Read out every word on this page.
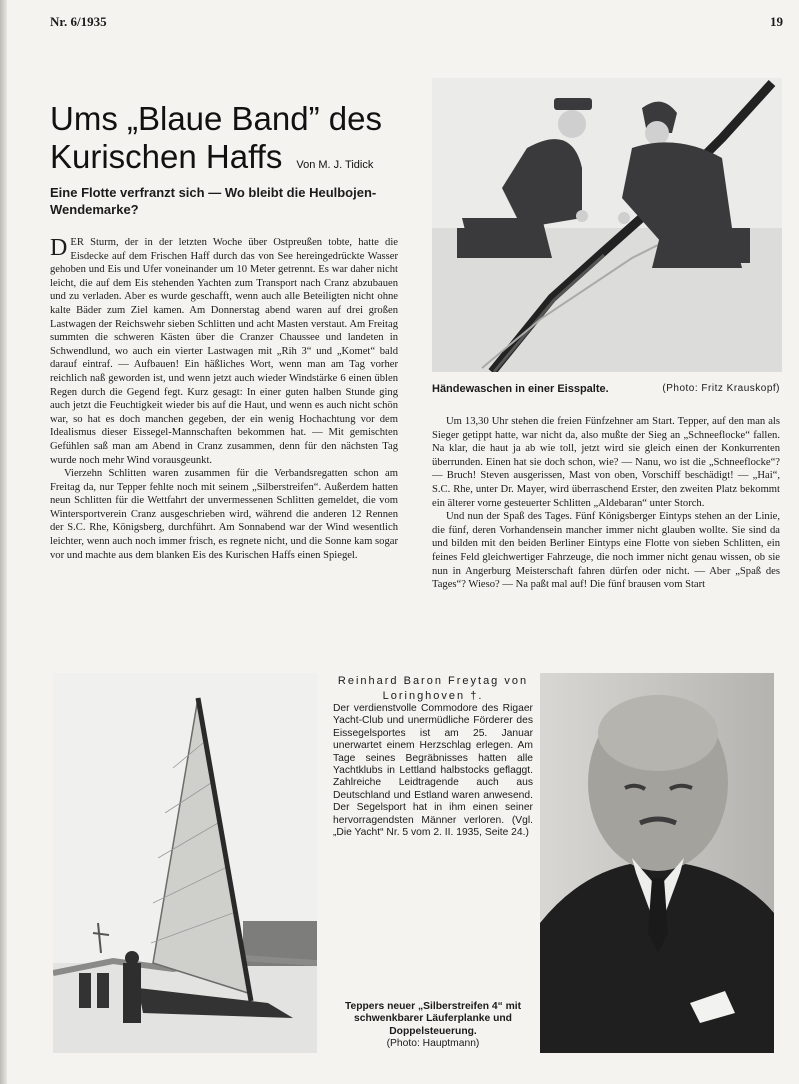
Nr. 6/1935	19
Ums „Blaue Band” des
Kurischen Haffs Von M. J. Tidick
Eine Flotte verfranzt sich — Wo bleibt die Heulbojen-Wendemarke?

DER Sturm, der in der letzten Woche über Ostpreußen tobte, hatte die Eisdecke auf dem Frischen Haff durch das von See hereingedrückte Wasser gehoben und Eis und Ufer voneinander um 10 Meter getrennt. Es war daher nicht leicht, die auf dem Eis stehenden Yachten zum Transport nach Cranz abzubauen und zu verladen. Aber es wurde geschafft, wenn auch alle Beteiligten nicht ohne kalte Bäder zum Ziel kamen. Am Donnerstag abend waren auf drei großen Lastwagen der Reichswehr sieben Schlitten und acht Masten verstaut. Am Freitag summten die schweren Kästen über die Cranzer Chaussee und landeten in Schwendlund, wo auch ein vierter Lastwagen mit „Rih 3“ und „Komet“ bald darauf eintraf. — Aufbauen! Ein häßliches Wort, wenn man am Tag vorher reichlich naß geworden ist, und wenn jetzt auch wieder Windstärke 6 einen üblen Regen durch die Gegend fegt. Kurz gesagt: In einer guten halben Stunde ging auch jetzt die Feuchtigkeit wieder bis auf die Haut, und wenn es auch nicht schön war, so hat es doch manchen gegeben, der ein wenig Hochachtung vor dem Idealismus dieser Eissegel-Mannschaften bekommen hat. — Mit gemischten Gefühlen saß man am Abend in Cranz zusammen, denn für den nächsten Tag wurde noch mehr Wind vorausgeunkt.

Vierzehn Schlitten waren zusammen für die Verbandsregatten schon am Freitag da, nur Tepper fehlte noch mit seinem „Silberstreifen“. Außerdem hatten neun Schlitten für die Wettfahrt der unvermessenen Schlitten gemeldet, die vom Wintersportverein Cranz ausgeschrieben wird, während die anderen 12 Rennen der S.C. Rhe, Königsberg, durchführt. Am Sonnabend war der Wind wesentlich leichter, wenn auch noch immer frisch, es regnete nicht, und die Sonne kam sogar vor und machte aus dem blanken Eis des Kurischen Haffs einen Spiegel.

(Photo: Fritz Krauskopf)
Händewaschen in einer Eisspalte.

Um 13,30 Uhr stehen die freien Fünfzehner am Start. Tepper, auf den man als Sieger getippt hatte, war nicht da, also mußte der Sieg an „Schneeflocke“ fallen. Na klar, die haut ja ab wie toll, jetzt wird sie gleich einen der Konkurrenten überrunden. Einen hat sie doch schon, wie? — Nanu, wo ist die „Schneeflocke“? — Bruch! Steven ausgerissen, Mast von oben, Vorschiff beschädigt! — „Hai“, S.C. Rhe, unter Dr. Mayer, wird überraschend Erster, den zweiten Platz bekommt ein älterer vorne gesteuerter Schlitten „Aldebaran“ unter Storch.

Und nun der Spaß des Tages. Fünf Königsberger Eintyps stehen an der Linie, die fünf, deren Vorhandensein mancher immer nicht glauben wollte. Sie sind da und bilden mit den beiden Berliner Eintyps eine Flotte von sieben Schlitten, ein feines Feld gleichwertiger Fahrzeuge, die noch immer nicht genau wissen, ob sie nun in Angerburg Meisterschaft fahren dürfen oder nicht. — Aber „Spaß des Tages“? Wieso? — Na paßt mal auf! Die fünf brausen vom Start

Reinhard Baron Freytag von Loringhoven †.
Der verdienstvolle Commodore des Rigaer Yacht-Club und unermüdliche Förderer des Eissegelsportes ist am 25. Januar unerwartet einem Herzschlag erlegen. Am Tage seines Begräbnisses hatten alle Yachtklubs in Lettland halbstocks geflaggt. Zahlreiche Leidtragende auch aus Deutschland und Estland waren anwesend. Der Segelsport hat in ihm einen seiner hervorragendsten Männer verloren. (Vgl. „Die Yacht“ Nr. 5 vom 2. II. 1935, Seite 24.)
Teppers neuer „Silberstreifen 4“ mit schwenkbarer Läuferplanke und Doppelsteuerung.
(Photo: Hauptmann)
